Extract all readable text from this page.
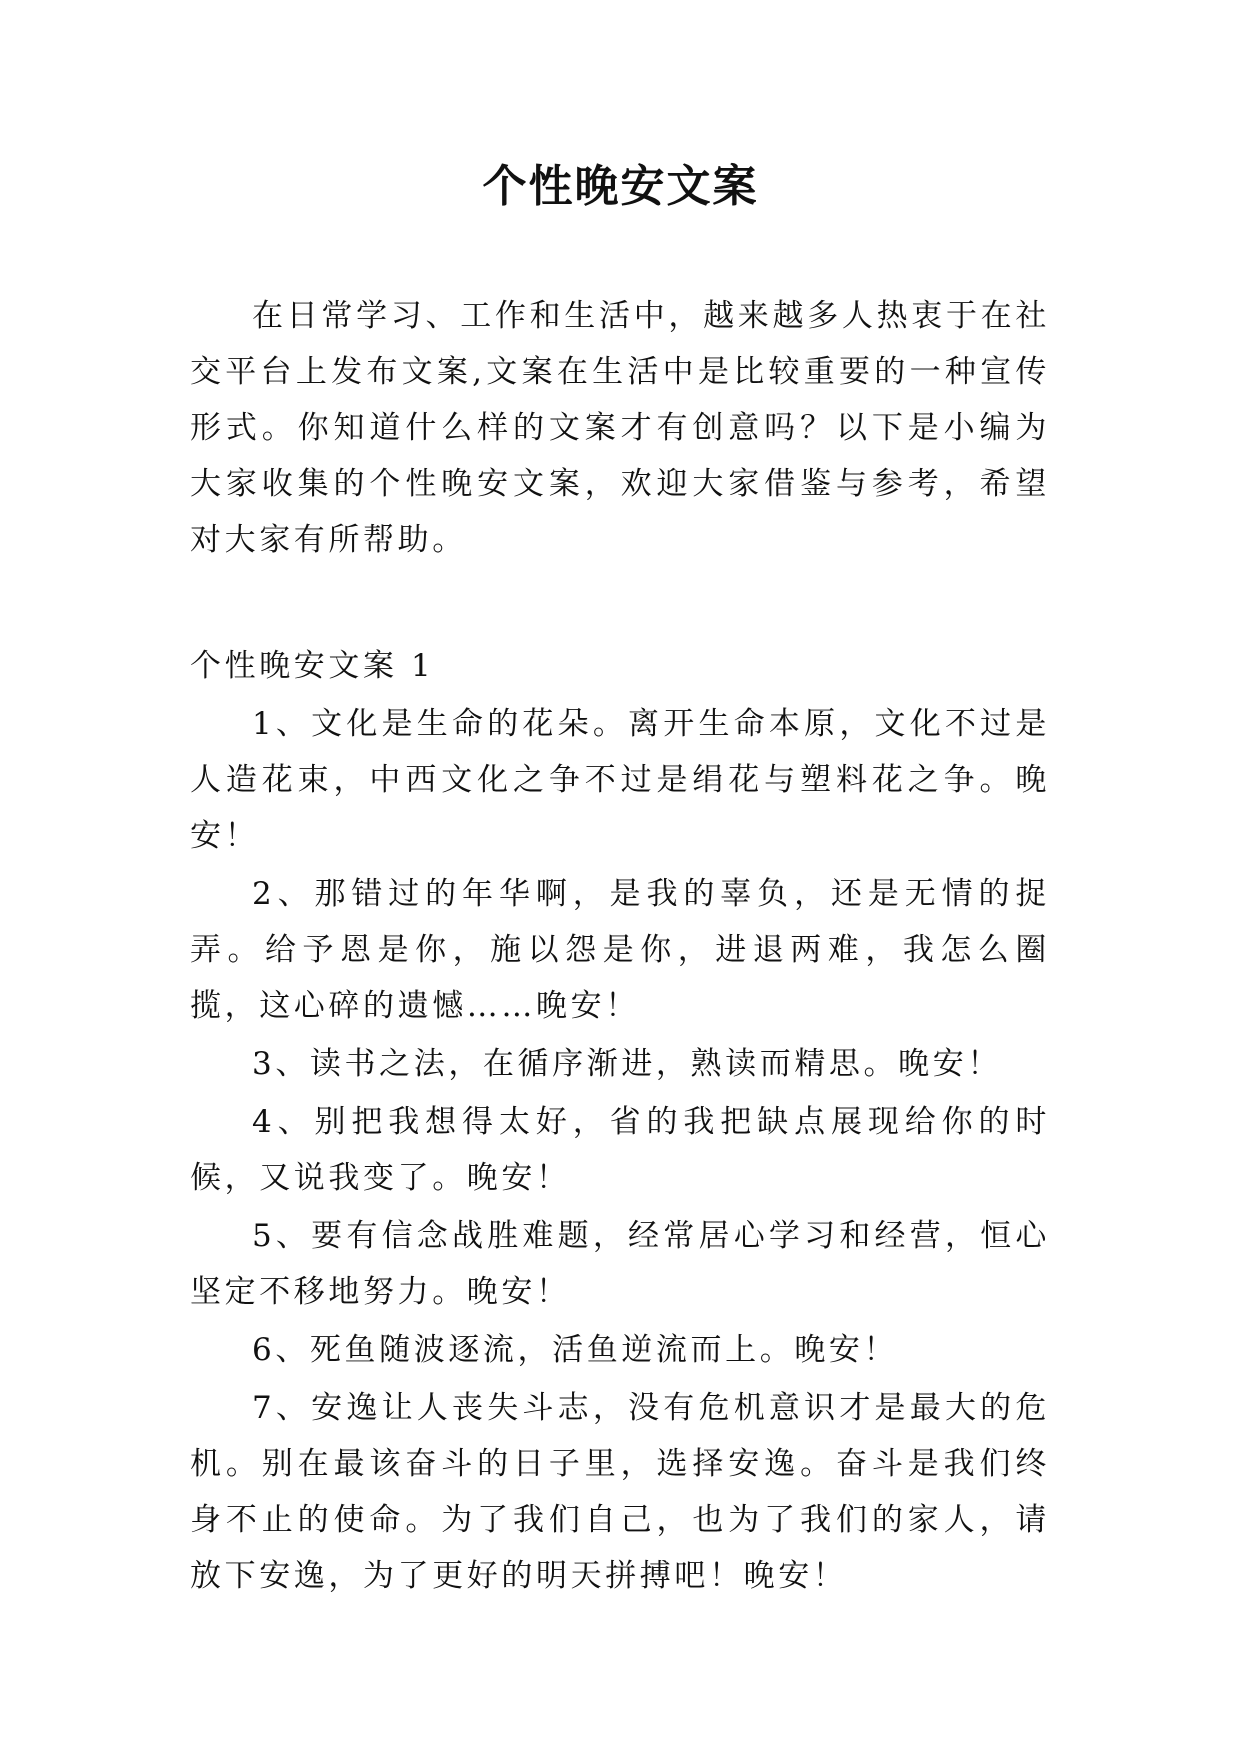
个性晚安文案

在日常学习、工作和生活中，越来越多人热衷于在社交平台上发布文案,文案在生活中是比较重要的一种宣传形式。你知道什么样的文案才有创意吗？以下是小编为大家收集的个性晚安文案，欢迎大家借鉴与参考，希望对大家有所帮助。

个性晚安文案 1

1、文化是生命的花朵。离开生命本原，文化不过是人造花束，中西文化之争不过是绢花与塑料花之争。晚安！

2、那错过的年华啊，是我的辜负，还是无情的捉弄。给予恩是你，施以怨是你，进退两难，我怎么圈揽，这心碎的遗憾……晚安！

3、读书之法，在循序渐进，熟读而精思。晚安！

4、别把我想得太好，省的我把缺点展现给你的时候，又说我变了。晚安！

5、要有信念战胜难题，经常居心学习和经营，恒心坚定不移地努力。晚安！

6、死鱼随波逐流，活鱼逆流而上。晚安！

7、安逸让人丧失斗志，没有危机意识才是最大的危机。别在最该奋斗的日子里，选择安逸。奋斗是我们终身不止的使命。为了我们自己，也为了我们的家人，请放下安逸，为了更好的明天拼搏吧！晚安！
